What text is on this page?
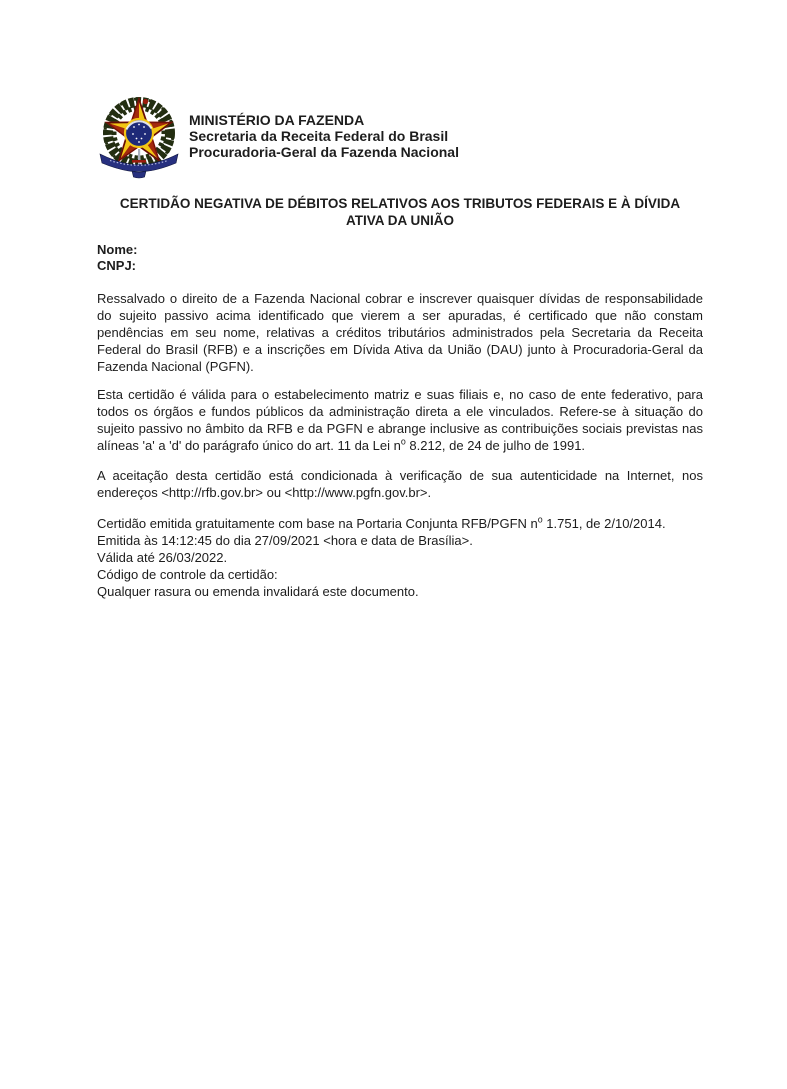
MINISTÉRIO DA FAZENDA
Secretaria da Receita Federal do Brasil
Procuradoria-Geral da Fazenda Nacional
CERTIDÃO NEGATIVA DE DÉBITOS RELATIVOS AOS TRIBUTOS FEDERAIS E À DÍVIDA
ATIVA DA UNIÃO
Nome:
CNPJ:

Ressalvado o direito de a Fazenda Nacional cobrar e inscrever quaisquer dívidas de responsabilidade do sujeito passivo acima identificado que vierem a ser apuradas, é certificado que não constam pendências em seu nome, relativas a créditos tributários administrados pela Secretaria da Receita Federal do Brasil (RFB) e a inscrições em Dívida Ativa da União (DAU) junto à Procuradoria-Geral da Fazenda Nacional (PGFN).

Esta certidão é válida para o estabelecimento matriz e suas filiais e, no caso de ente federativo, para todos os órgãos e fundos públicos da administração direta a ele vinculados. Refere-se à situação do sujeito passivo no âmbito da RFB e da PGFN e abrange inclusive as contribuições sociais previstas nas alíneas 'a' a 'd' do parágrafo único do art. 11 da Lei $n^o$ 8.212, de 24 de julho de 1991.

A aceitação desta certidão está condicionada à verificação de sua autenticidade na Internet, nos endereços <http://rfb.gov.br> ou <http://www.pgfn.gov.br>.

Certidão emitida gratuitamente com base na Portaria Conjunta RFB/PGFN $n^o$ 1.751, de 2/10/2014.
Emitida às 14:12:45 do dia 27/09/2021 <hora e data de Brasília>.
Válida até 26/03/2022.
Código de controle da certidão:
Qualquer rasura ou emenda invalidará este documento.
